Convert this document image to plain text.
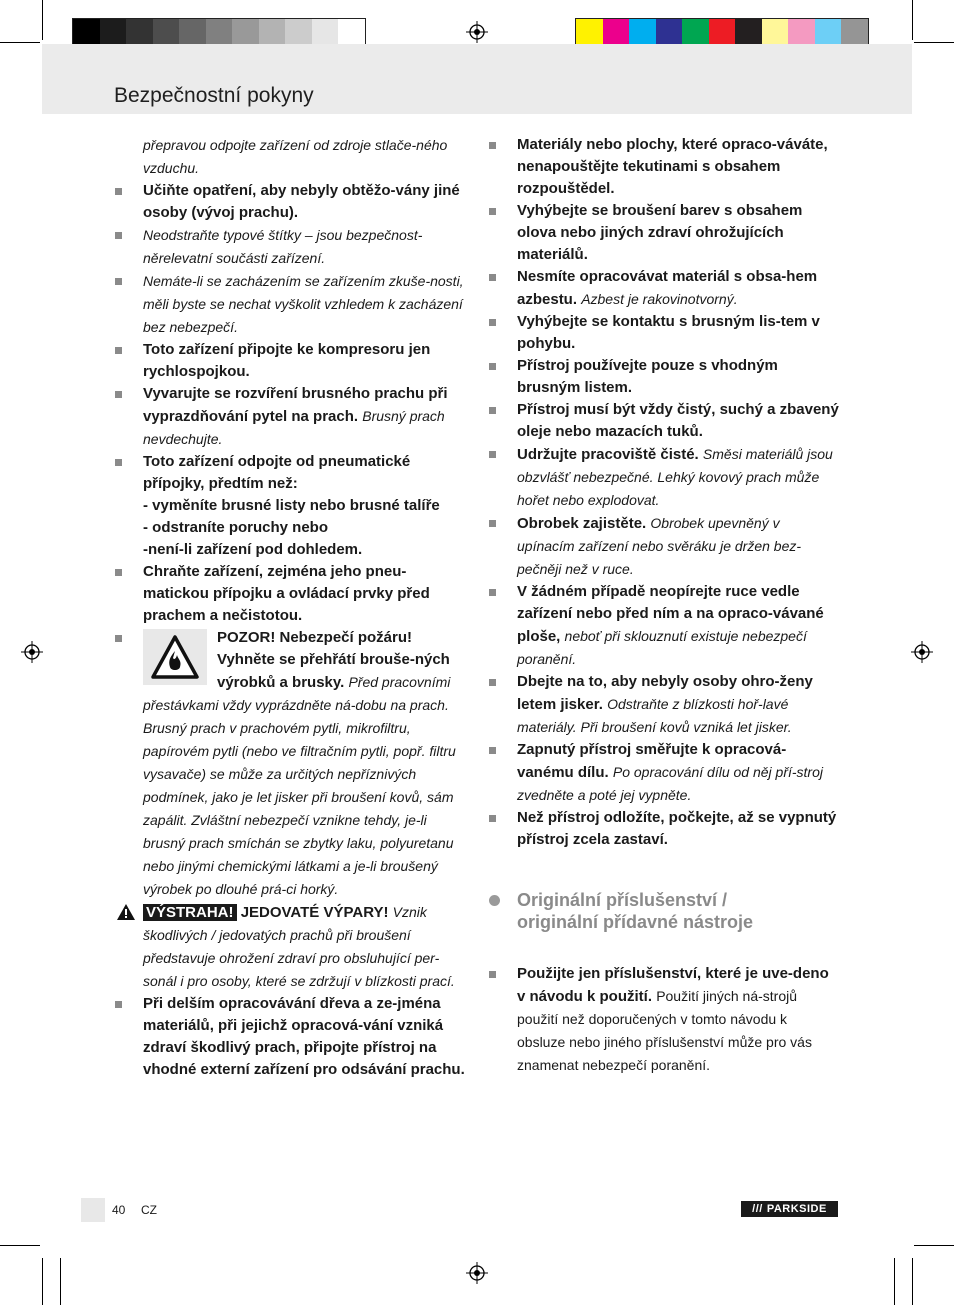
Bezpečnostní pokyny
přepravou odpojte zařízení od zdroje stlače-ného vzduchu.
Učiňte opatření, aby nebyly obtěžo-vány jiné osoby (vývoj prachu).
Neodstraňte typové štítky – jsou bezpečnost-něrelevatní součásti zařízení.
Nemáte-li se zacházením se zařízením zkuše-nosti, měli byste se nechat vyškolit vzhledem k zacházení bez nebezpečí.
Toto zařízení připojte ke kompresoru jen rychlospojkou.
Vyvarujte se rozvíření brusného prachu při vyprazdňování pytel na prach. Brusný prach nevdechujte.
Toto zařízení odpojte od pneumatické přípojky, předtím než:
- vyměníte brusné listy nebo brusné talíře
- odstraníte poruchy nebo
-není-li zařízení pod dohledem.
Chraňte zařízení, zejména jeho pneu-matickou přípojku a ovládací prvky před prachem a nečistotou.
POZOR! Nebezpečí požáru! Vyhněte se přehřátí brouše-ných výrobků a brusky. Před pracovními přestávkami vždy vyprázdněte ná-dobu na prach. Brusný prach v prachovém pytli, mikrofiltru, papírovém pytli (nebo ve filtračním pytli, popř. filtru vysavače) se může za určitých nepříznivých podmínek, jako je let jisker při broušení kovů, sám zapálit. Zvláštní nebezpečí vznikne tehdy, je-li brusný prach smíchán se zbytky laku, polyuretanu nebo jinými chemickými látkami a je-li broušený výrobek po dlouhé prá-ci horký.
VÝSTRAHA! JEDOVATÉ VÝPARY! Vznik škodlivých / jedovatých prachů při broušení představuje ohrožení zdraví pro obsluhující per-sonál i pro osoby, které se zdržují v blízkosti prací.
Při delším opracovávání dřeva a ze-jména materiálů, při jejichž opracová-vání vzniká zdraví škodlivý prach, připojte přístroj na vhodné externí zařízení pro odsávání prachu.
Materiály nebo plochy, které opraco-váváte, nenapouštějte tekutinami s obsahem rozpouštědel.
Vyhýbejte se broušení barev s obsahem olova nebo jiných zdraví ohrožujících materiálů.
Nesmíte opracovávat materiál s obsa-hem azbestu. Azbest je rakovinotvorný.
Vyhýbejte se kontaktu s brusným lis-tem v pohybu.
Přístroj používejte pouze s vhodným brusným listem.
Přístroj musí být vždy čistý, suchý a zbavený oleje nebo mazacích tuků.
Udržujte pracoviště čisté. Směsi materiálů jsou obzvlášť nebezpečné. Lehký kovový prach může hořet nebo explodovat.
Obrobek zajistěte. Obrobek upevněný v upínacím zařízení nebo svěráku je držen bez-pečněji než v ruce.
V žádném případě neopírejte ruce vedle zařízení nebo před ním a na opraco-vávané ploše, neboť při sklouznutí existuje nebezpečí poranění.
Dbejte na to, aby nebyly osoby ohro-ženy letem jisker. Odstraňte z blízkosti hoř-lavé materiály. Při broušení kovů vzniká let jisker.
Zapnutý přístroj směřujte k opracová-vanému dílu. Po opracování dílu od něj pří-stroj zvedněte a poté jej vypněte.
Než přístroj odložíte, počkejte, až se vypnutý přístroj zcela zastaví.
Originální příslušenství /
originální přídavné nástroje
Použijte jen příslušenství, které je uve-deno v návodu k použití. Použití jiných ná-strojů použití než doporučených v tomto návodu k obsluze nebo jiného příslušenství může pro vás znamenat nebezpečí poranění.
40 CZ	/// PARKSIDE
